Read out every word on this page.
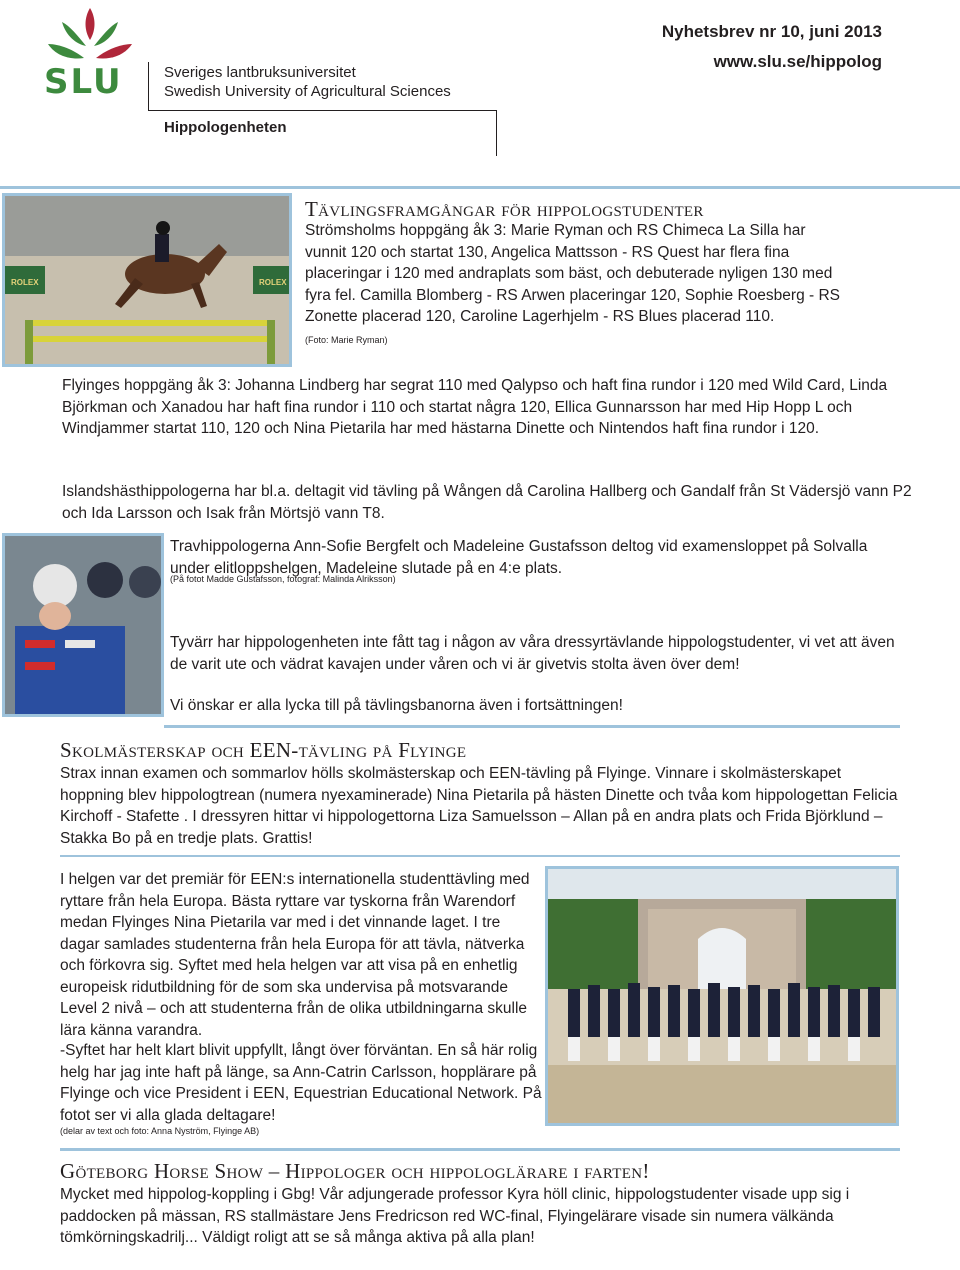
SLU	Sveriges lantbruksuniversitet
Swedish University of Agricultural Sciences
Hippologenheten
Nyhetsbrev nr 10, juni 2013
www.slu.se/hippolog
ROLEX	ROLEX
Tävlingsframgångar för hippologstudenter
Strömsholms hoppgäng åk 3: Marie Ryman och RS Chimeca La Silla har
vunnit 120 och startat 130, Angelica Mattsson - RS Quest har flera fina
placeringar i 120 med andraplats som bäst, och debuterade nyligen 130 med
fyra fel. Camilla Blomberg - RS Arwen placeringar 120, Sophie Roesberg - RS
Zonette placerad 120, Caroline Lagerhjelm - RS Blues placerad 110.
(Foto: Marie Ryman)

Flyinges hoppgäng åk 3: Johanna Lindberg har segrat 110 med Qalypso och haft fina rundor i 120 med Wild Card, Linda Björkman och Xanadou har haft fina rundor i 110 och startat några 120, Ellica Gunnarsson har med Hip Hopp L och Windjammer startat 110, 120 och Nina Pietarila har med hästarna Dinette och Nintendos haft fina rundor i 120.

Islandshästhippologerna har bl.a. deltagit vid tävling på Wången då Carolina Hallberg och Gandalf från St Vädersjö vann P2 och Ida Larsson och Isak från Mörtsjö vann T8.

Travhippologerna Ann-Sofie Bergfelt och Madeleine Gustafsson deltog vid examensloppet på Solvalla under elitloppshelgen, Madeleine slutade på en 4:e plats.

(På fotot Madde Gustafsson, fotograf: Malinda Alriksson)

Tyvärr har hippologenheten inte fått tag i någon av våra dressyrtävlande hippologstudenter, vi vet att även de varit ute och vädrat kavajen under våren och vi är givetvis stolta även över dem!

Vi önskar er alla lycka till på tävlingsbanorna även i fortsättningen!

Skolmästerskap och EEN-tävling på Flyinge

Strax innan examen och sommarlov hölls skolmästerskap och EEN-tävling på Flyinge. Vinnare i skolmästerskapet hoppning blev hippologtrean (numera nyexaminerade) Nina Pietarila på hästen Dinette och tvåa kom hippologettan Felicia Kirchoff - Stafette . I dressyren hittar vi hippologettorna Liza Samuelsson – Allan på en andra plats och Frida Björklund – Stakka Bo på en tredje plats. Grattis!

I helgen var det premiär för EEN:s internationella studenttävling med ryttare från hela Europa. Bästa ryttare var tyskorna från Warendorf medan Flyinges Nina Pietarila var med i det vinnande laget. I tre dagar samlades studenterna från hela Europa för att tävla, nätverka och förkovra sig. Syftet med hela helgen var att visa på en enhetlig europeisk ridutbildning för de som ska undervisa på motsvarande Level 2 nivå – och att studenterna från de olika utbildningarna skulle lära känna varandra.

-Syftet har helt klart blivit uppfyllt, långt över förväntan. En så här rolig helg har jag inte haft på länge, sa Ann-Catrin Carlsson, hopplärare på Flyinge och vice President i EEN, Equestrian Educational Network. På fotot ser vi alla glada deltagare!

(delar av text och foto: Anna Nyström, Flyinge AB)
Göteborg Horse Show – Hippologer och hippologlärare i farten!

Mycket med hippolog-koppling i Gbg! Vår adjungerade professor Kyra höll clinic, hippologstudenter visade upp sig i paddocken på mässan, RS stallmästare Jens Fredricson red WC-final, Flyingelärare visade sin numera välkända tömkörningskadrilj... Väldigt roligt att se så många aktiva på alla plan!
